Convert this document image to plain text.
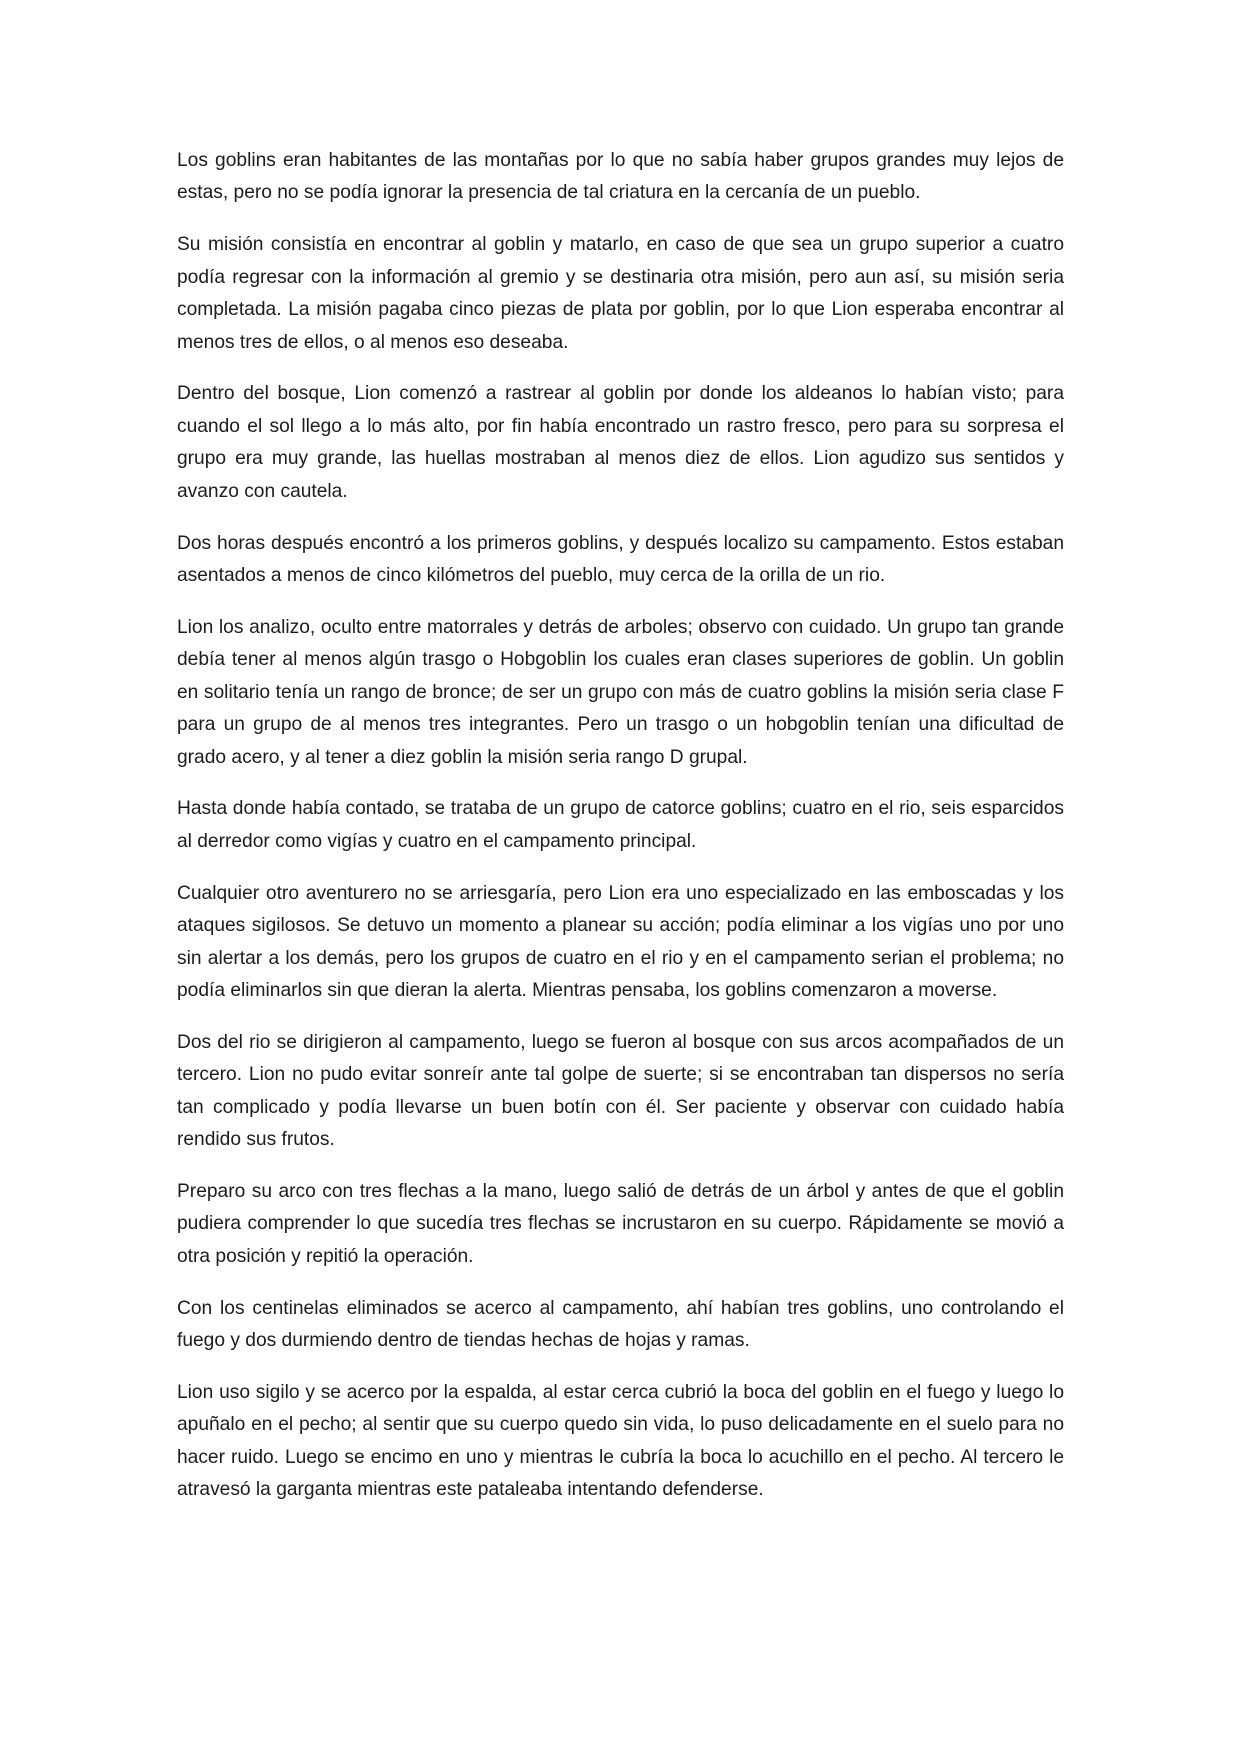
Los goblins eran habitantes de las montañas por lo que no sabía haber grupos grandes muy lejos de estas, pero no se podía ignorar la presencia de tal criatura en la cercanía de un pueblo.

Su misión consistía en encontrar al goblin y matarlo, en caso de que sea un grupo superior a cuatro podía regresar con la información al gremio y se destinaria otra misión, pero aun así, su misión seria completada. La misión pagaba cinco piezas de plata por goblin, por lo que Lion esperaba encontrar al menos tres de ellos, o al menos eso deseaba.

Dentro del bosque, Lion comenzó a rastrear al goblin por donde los aldeanos lo habían visto; para cuando el sol llego a lo más alto, por fin había encontrado un rastro fresco, pero para su sorpresa el grupo era muy grande, las huellas mostraban al menos diez de ellos. Lion agudizo sus sentidos y avanzo con cautela.

Dos horas después encontró a los primeros goblins, y después localizo su campamento. Estos estaban asentados a menos de cinco kilómetros del pueblo, muy cerca de la orilla de un rio.

Lion los analizo, oculto entre matorrales y detrás de arboles; observo con cuidado. Un grupo tan grande debía tener al menos algún trasgo o Hobgoblin los cuales eran clases superiores de goblin. Un goblin en solitario tenía un rango de bronce; de ser un grupo con más de cuatro goblins la misión seria clase F para un grupo de al menos tres integrantes. Pero un trasgo o un hobgoblin tenían una dificultad de grado acero, y al tener a diez goblin la misión seria rango D grupal.

Hasta donde había contado, se trataba de un grupo de catorce goblins; cuatro en el rio, seis esparcidos al derredor como vigías y cuatro en el campamento principal.

Cualquier otro aventurero no se arriesgaría, pero Lion era uno especializado en las emboscadas y los ataques sigilosos. Se detuvo un momento a planear su acción; podía eliminar a los vigías uno por uno sin alertar a los demás, pero los grupos de cuatro en el rio y en el campamento serian el problema; no podía eliminarlos sin que dieran la alerta. Mientras pensaba, los goblins comenzaron a moverse.

Dos del rio se dirigieron al campamento, luego se fueron al bosque con sus arcos acompañados de un tercero. Lion no pudo evitar sonreír ante tal golpe de suerte; si se encontraban tan dispersos no sería tan complicado y podía llevarse un buen botín con él. Ser paciente y observar con cuidado había rendido sus frutos.

Preparo su arco con tres flechas a la mano, luego salió de detrás de un árbol y antes de que el goblin pudiera comprender lo que sucedía tres flechas se incrustaron en su cuerpo. Rápidamente se movió a otra posición y repitió la operación.

Con los centinelas eliminados se acerco al campamento, ahí habían tres goblins, uno controlando el fuego y dos durmiendo dentro de tiendas hechas de hojas y ramas.

Lion uso sigilo y se acerco por la espalda, al estar cerca cubrió la boca del goblin en el fuego y luego lo apuñalo en el pecho; al sentir que su cuerpo quedo sin vida, lo puso delicadamente en el suelo para no hacer ruido. Luego se encimo en uno y mientras le cubría la boca lo acuchillo en el pecho. Al tercero le atravesó la garganta mientras este pataleaba intentando defenderse.
